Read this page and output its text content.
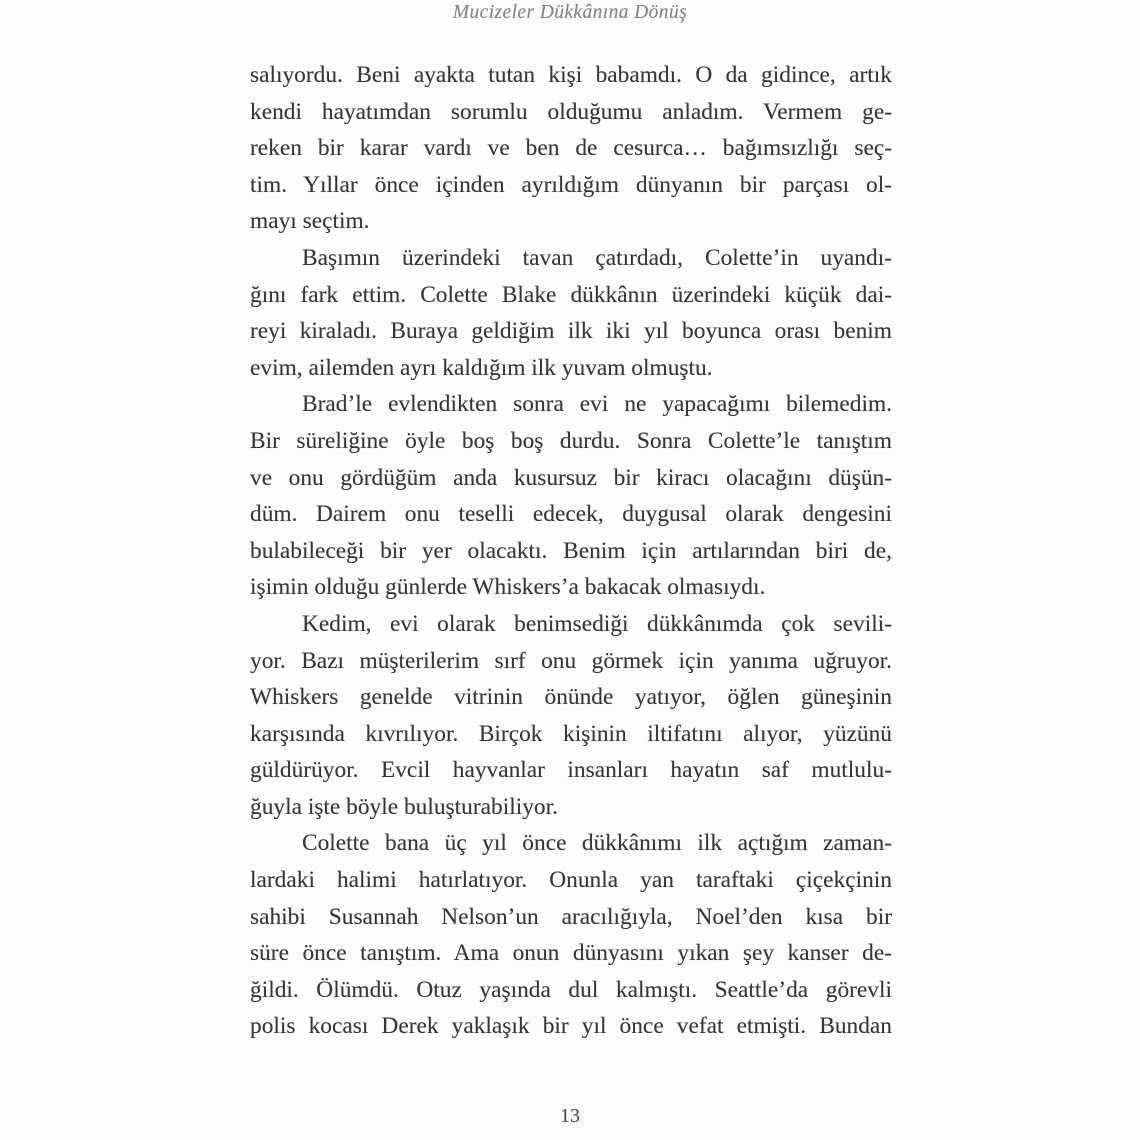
Mucizeler Dükkânına Dönüş
salıyordu. Beni ayakta tutan kişi babamdı. O da gidince, artık
kendi hayatımdan sorumlu olduğumu anladım. Vermem ge-
reken bir karar vardı ve ben de cesurca… bağımsızlığı seç-
tim. Yıllar önce içinden ayrıldığım dünyanın bir parçası ol-
mayı seçtim.
Başımın üzerindeki tavan çatırdadı, Colette’in uyandı-
ğını fark ettim. Colette Blake dükkânın üzerindeki küçük dai-
reyi kiraladı. Buraya geldiğim ilk iki yıl boyunca orası benim
evim, ailemden ayrı kaldığım ilk yuvam olmuştu.
Brad’le evlendikten sonra evi ne yapacağımı bilemedim.
Bir süreliğine öyle boş boş durdu. Sonra Colette’le tanıştım
ve onu gördüğüm anda kusursuz bir kiracı olacağını düşün-
düm. Dairem onu teselli edecek, duygusal olarak dengesini
bulabileceği bir yer olacaktı. Benim için artılarından biri de,
işimin olduğu günlerde Whiskers’a bakacak olmasıydı.
Kedim, evi olarak benimsediği dükkânımda çok sevili-
yor. Bazı müşterilerim sırf onu görmek için yanıma uğruyor.
Whiskers genelde vitrinin önünde yatıyor, öğlen güneşinin
karşısında kıvrılıyor. Birçok kişinin iltifatını alıyor, yüzünü
güldürüyor. Evcil hayvanlar insanları hayatın saf mutlulu-
ğuyla işte böyle buluşturabiliyor.
Colette bana üç yıl önce dükkânımı ilk açtığım zaman-
lardaki halimi hatırlatıyor. Onunla yan taraftaki çiçekçinin
sahibi Susannah Nelson’un aracılığıyla, Noel’den kısa bir
süre önce tanıştım. Ama onun dünyasını yıkan şey kanser de-
ğildi. Ölümdü. Otuz yaşında dul kalmıştı. Seattle’da görevli
polis kocası Derek yaklaşık bir yıl önce vefat etmişti. Bundan
13
